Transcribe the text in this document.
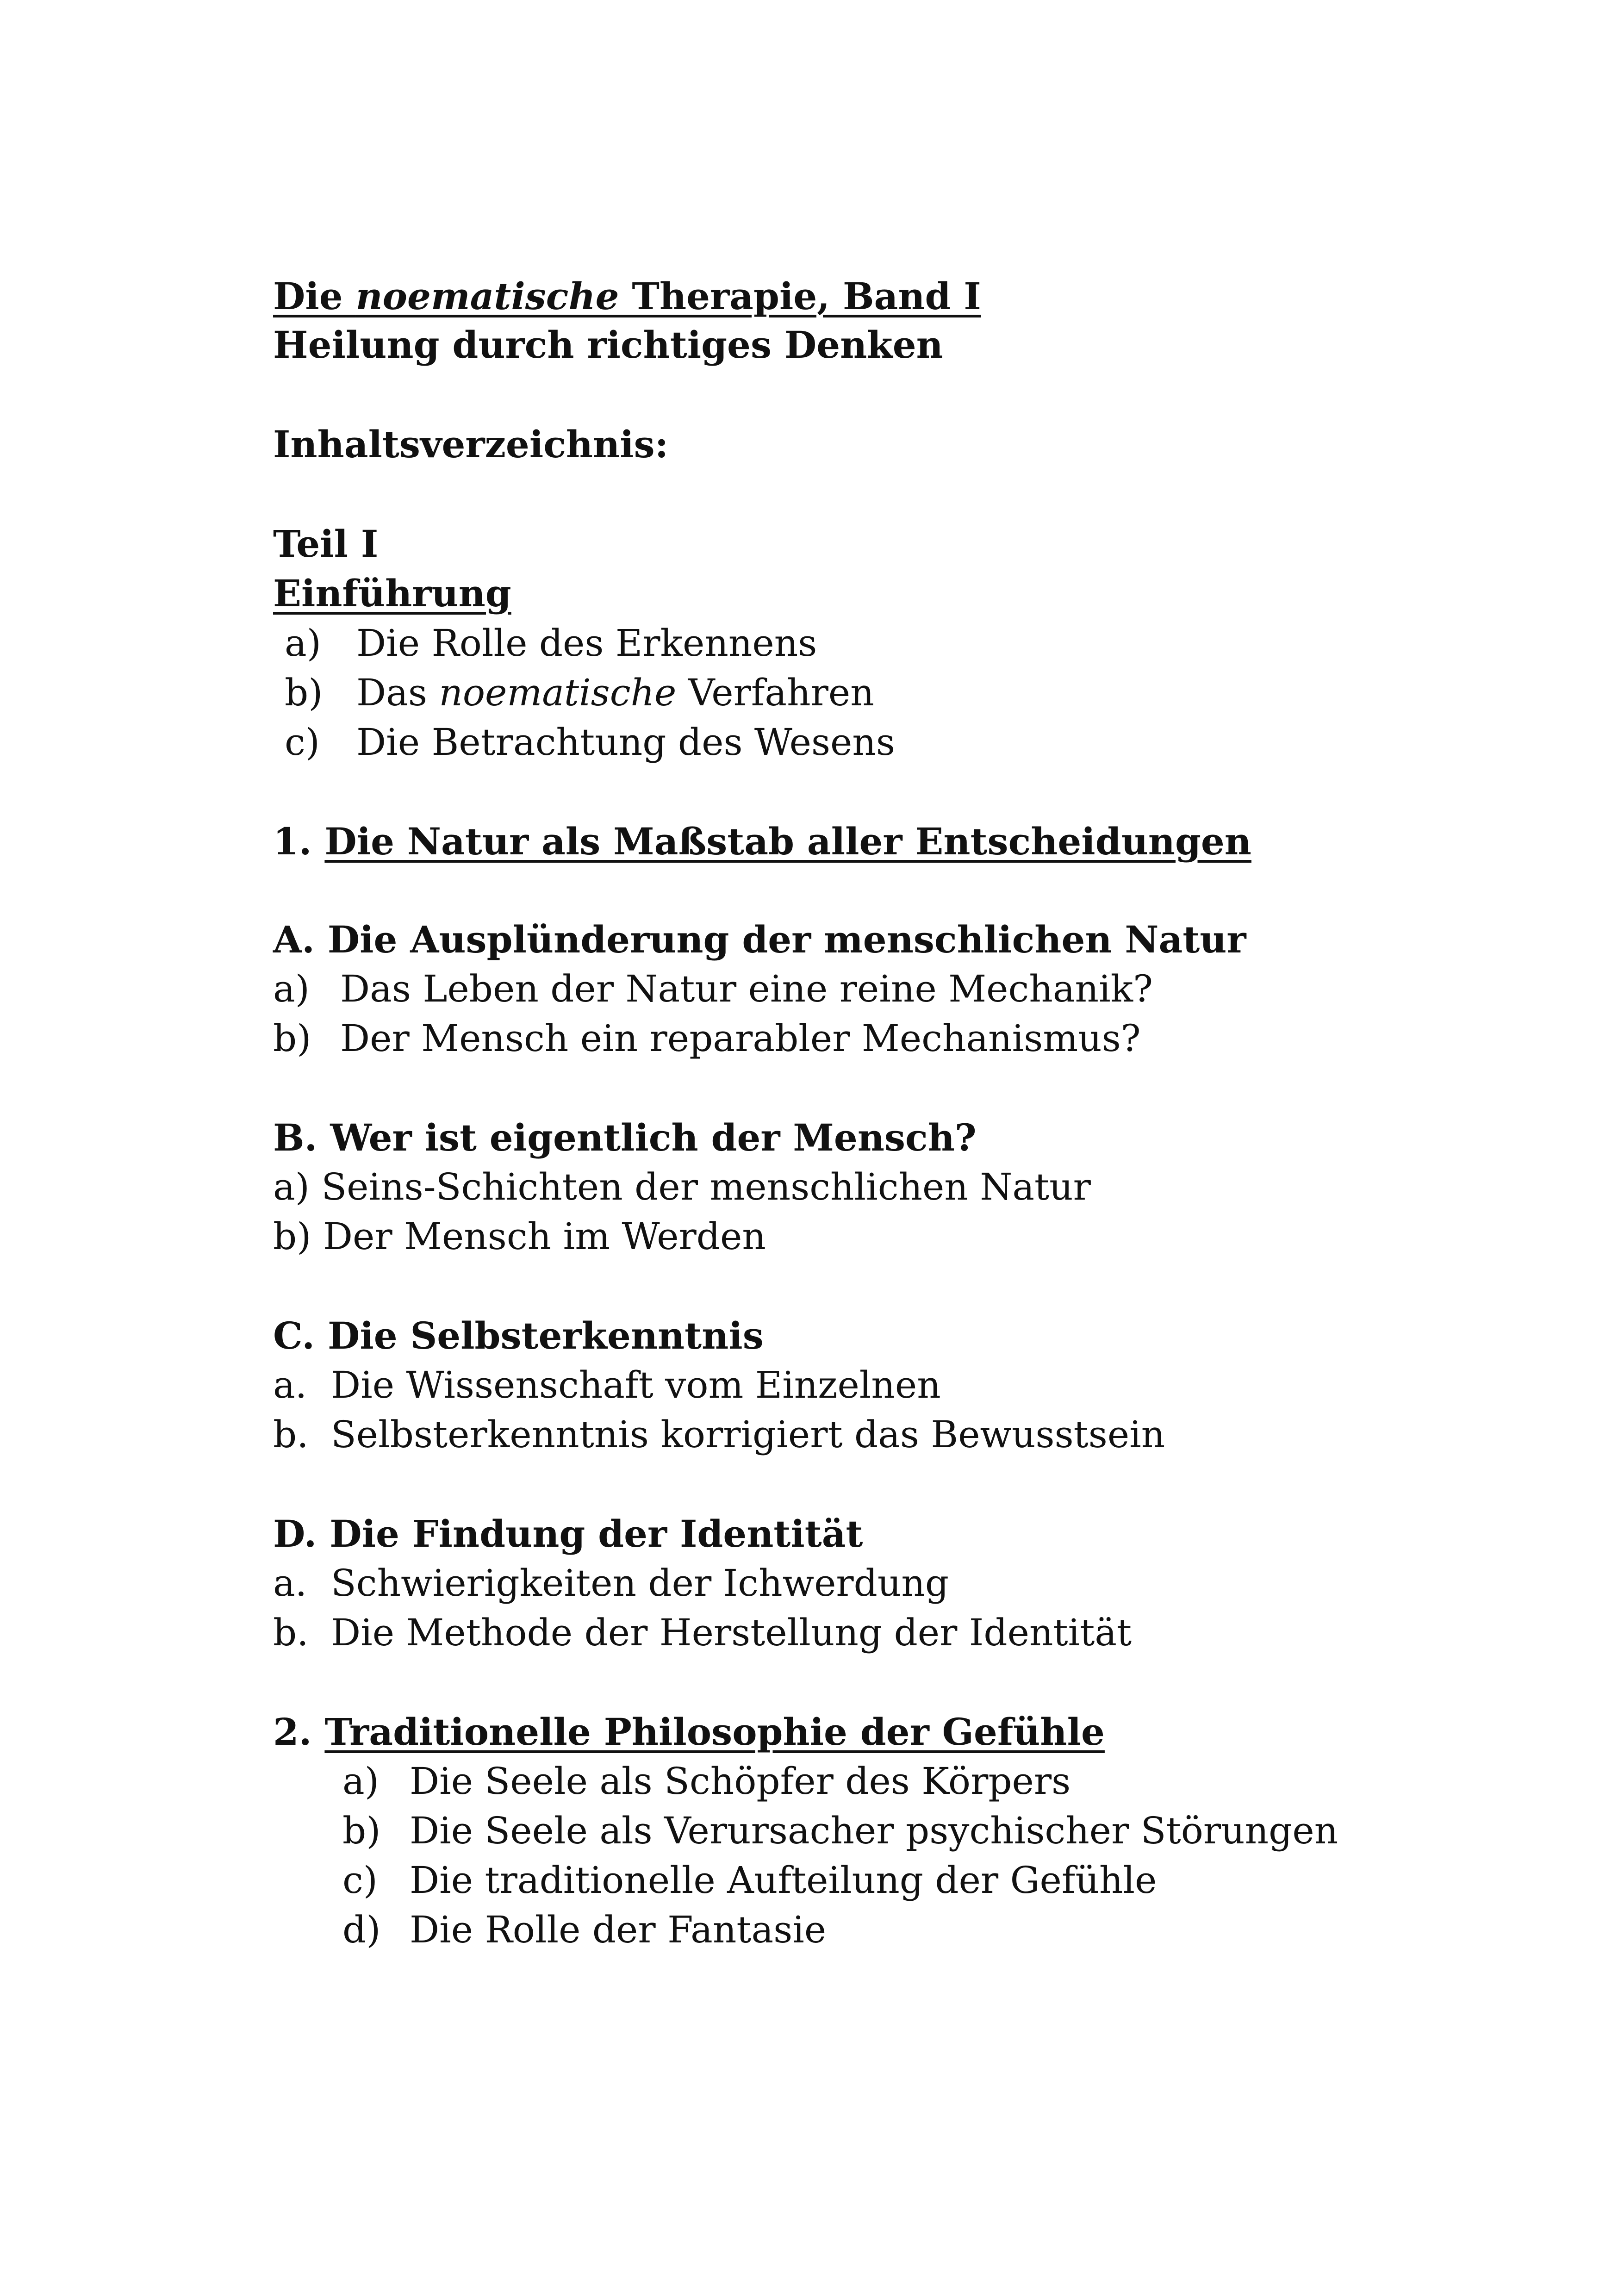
Die noematische Therapie, Band I
Heilung durch richtiges Denken
Inhaltsverzeichnis:
Teil I
Einführung
a) Die Rolle des Erkennens
b) Das noematische Verfahren
c) Die Betrachtung des Wesens
1. Die Natur als Maßstab aller Entscheidungen
A. Die Ausplünderung der menschlichen Natur
a) Das Leben der Natur eine reine Mechanik?
b) Der Mensch ein reparabler Mechanismus?
B. Wer ist eigentlich der Mensch?
a) Seins-Schichten der menschlichen Natur
b) Der Mensch im Werden
C. Die Selbsterkenntnis
a. Die Wissenschaft vom Einzelnen
b. Selbsterkenntnis korrigiert das Bewusstsein
D. Die Findung der Identität
a. Schwierigkeiten der Ichwerdung
b. Die Methode der Herstellung der Identität
2. Traditionelle Philosophie der Gefühle
a) Die Seele als Schöpfer des Körpers
b) Die Seele als Verursacher psychischer Störungen
c) Die traditionelle Aufteilung der Gefühle
d) Die Rolle der Fantasie
